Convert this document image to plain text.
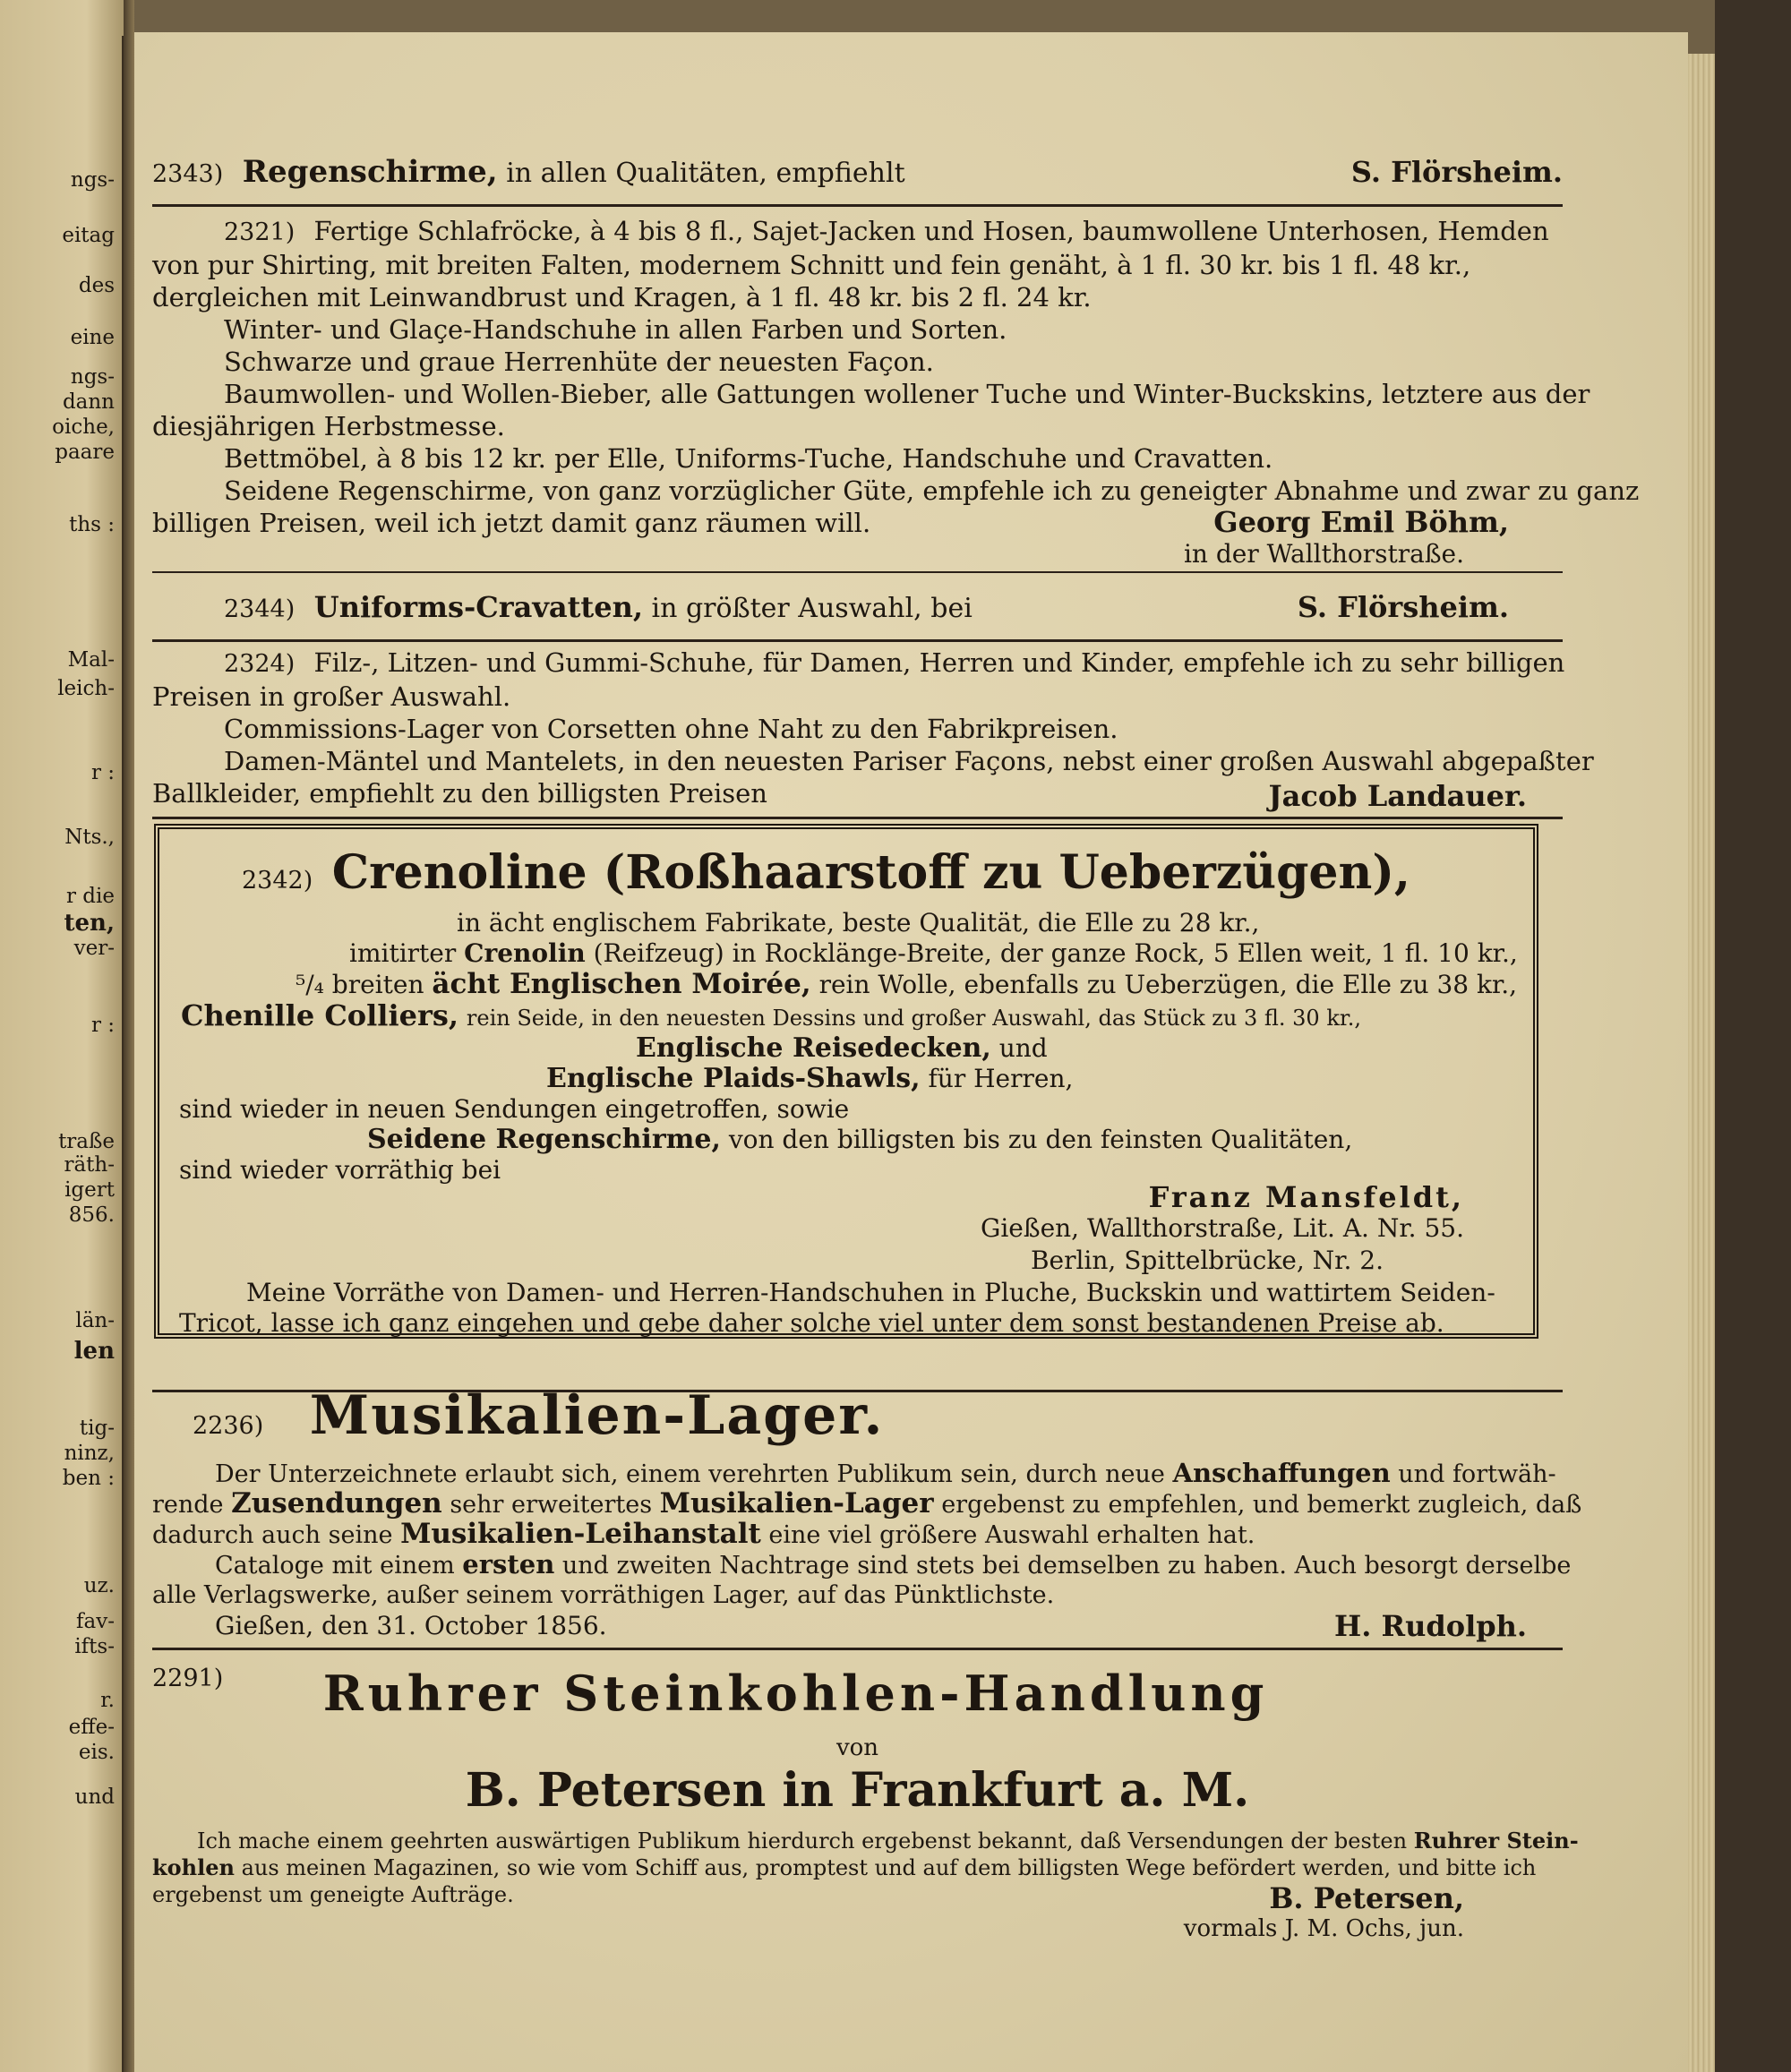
ngs-
eitag
des
eine
ngs-
dann
oiche,
paare
ths :
Mal-
leich-
r :
Nts.,
r die
ten,
ver-
r :
traße
räth-
igert
856.
län-
len
tig-
ninz,
ben :
uz.
fav-
ifts-
r.
effe-
eis.
und
2343) Regenschirme, in allen Qualitäten, empfiehlt	S. Flörsheim.
2321) Fertige Schlafröcke, à 4 bis 8 fl., Sajet-Jacken und Hosen, baumwollene Unterhosen, Hemden
von pur Shirting, mit breiten Falten, modernem Schnitt und fein genäht, à 1 fl. 30 kr. bis 1 fl. 48 kr.,
dergleichen mit Leinwandbrust und Kragen, à 1 fl. 48 kr. bis 2 fl. 24 kr.
Winter- und Glaçe-Handschuhe in allen Farben und Sorten.
Schwarze und graue Herrenhüte der neuesten Façon.
Baumwollen- und Wollen-Bieber, alle Gattungen wollener Tuche und Winter-Buckskins, letztere aus der
diesjährigen Herbstmesse.
Bettmöbel, à 8 bis 12 kr. per Elle, Uniforms-Tuche, Handschuhe und Cravatten.
Seidene Regenschirme, von ganz vorzüglicher Güte, empfehle ich zu geneigter Abnahme und zwar zu ganz
billigen Preisen, weil ich jetzt damit ganz räumen will.	Georg Emil Böhm,
in der Wallthorstraße.
2344) Uniforms-Cravatten, in größter Auswahl, bei	S. Flörsheim.
2324) Filz-, Litzen- und Gummi-Schuhe, für Damen, Herren und Kinder, empfehle ich zu sehr billigen
Preisen in großer Auswahl.
Commissions-Lager von Corsetten ohne Naht zu den Fabrikpreisen.
Damen-Mäntel und Mantelets, in den neuesten Pariser Façons, nebst einer großen Auswahl abgepaßter
Ballkleider, empfiehlt zu den billigsten Preisen	Jacob Landauer.
2342) Crenoline (Roßhaarstoff zu Ueberzügen),
in ächt englischem Fabrikate, beste Qualität, die Elle zu 28 kr.,
imitirter Crenolin (Reifzeug) in Rocklänge-Breite, der ganze Rock, 5 Ellen weit, 1 fl. 10 kr.,
⁵/₄ breiten ächt Englischen Moirée, rein Wolle, ebenfalls zu Ueberzügen, die Elle zu 38 kr.,
Chenille Colliers, rein Seide, in den neuesten Dessins und großer Auswahl, das Stück zu 3 fl. 30 kr.,
Englische Reisedecken, und
Englische Plaids-Shawls, für Herren,
sind wieder in neuen Sendungen eingetroffen, sowie
Seidene Regenschirme, von den billigsten bis zu den feinsten Qualitäten,
sind wieder vorräthig bei
Franz Mansfeldt,
Gießen, Wallthorstraße, Lit. A. Nr. 55.
Berlin, Spittelbrücke, Nr. 2.
Meine Vorräthe von Damen- und Herren-Handschuhen in Pluche, Buckskin und wattirtem Seiden-
Tricot, lasse ich ganz eingehen und gebe daher solche viel unter dem sonst bestandenen Preise ab.
2236) Musikalien-Lager.
Der Unterzeichnete erlaubt sich, einem verehrten Publikum sein, durch neue Anschaffungen und fortwäh-
rende Zusendungen sehr erweitertes Musikalien-Lager ergebenst zu empfehlen, und bemerkt zugleich, daß
dadurch auch seine Musikalien-Leihanstalt eine viel größere Auswahl erhalten hat.
Cataloge mit einem ersten und zweiten Nachtrage sind stets bei demselben zu haben. Auch besorgt derselbe
alle Verlagswerke, außer seinem vorräthigen Lager, auf das Pünktlichste.
Gießen, den 31. October 1856.	H. Rudolph.
2291) Ruhrer Steinkohlen-Handlung
von
B. Petersen in Frankfurt a. M.
Ich mache einem geehrten auswärtigen Publikum hierdurch ergebenst bekannt, daß Versendungen der besten Ruhrer Stein-
kohlen aus meinen Magazinen, so wie vom Schiff aus, promptest und auf dem billigsten Wege befördert werden, und bitte ich
ergebenst um geneigte Aufträge.	B. Petersen,
vormals J. M. Ochs, jun.
